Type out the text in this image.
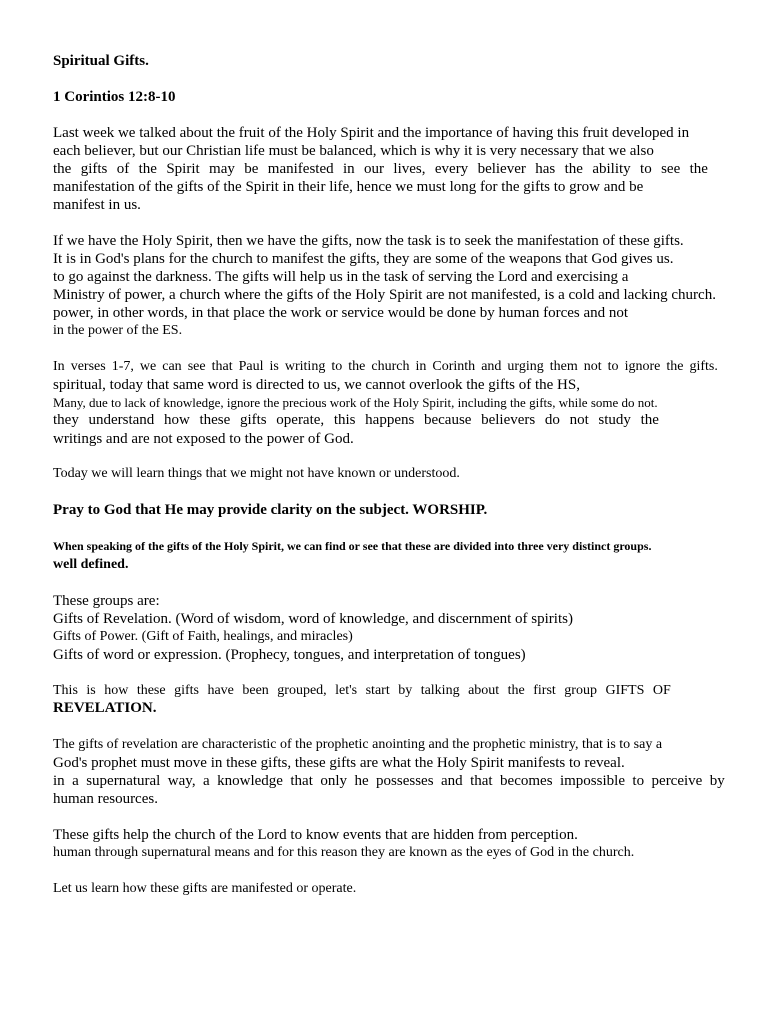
Spiritual Gifts.
1 Corintios 12:8-10
Last week we talked about the fruit of the Holy Spirit and the importance of having this fruit developed in
each believer, but our Christian life must be balanced, which is why it is very necessary that we also
the gifts of the Spirit may be manifested in our lives, every believer has the ability to see the
manifestation of the gifts of the Spirit in their life, hence we must long for the gifts to grow and be
manifest in us.
If we have the Holy Spirit, then we have the gifts, now the task is to seek the manifestation of these gifts.
It is in God's plans for the church to manifest the gifts, they are some of the weapons that God gives us.
to go against the darkness. The gifts will help us in the task of serving the Lord and exercising a
Ministry of power, a church where the gifts of the Holy Spirit are not manifested, is a cold and lacking church.
power, in other words, in that place the work or service would be done by human forces and not
in the power of the ES.
In verses 1-7, we can see that Paul is writing to the church in Corinth and urging them not to ignore the gifts.
spiritual, today that same word is directed to us, we cannot overlook the gifts of the HS,
Many, due to lack of knowledge, ignore the precious work of the Holy Spirit, including the gifts, while some do not.
they understand how these gifts operate, this happens because believers do not study the
writings and are not exposed to the power of God.
Today we will learn things that we might not have known or understood.
Pray to God that He may provide clarity on the subject. WORSHIP.
When speaking of the gifts of the Holy Spirit, we can find or see that these are divided into three very distinct groups.
well defined.
These groups are:
Gifts of Revelation. (Word of wisdom, word of knowledge, and discernment of spirits)
Gifts of Power. (Gift of Faith, healings, and miracles)
Gifts of word or expression. (Prophecy, tongues, and interpretation of tongues)
This is how these gifts have been grouped, let's start by talking about the first group GIFTS OF
REVELATION.
The gifts of revelation are characteristic of the prophetic anointing and the prophetic ministry, that is to say a
God's prophet must move in these gifts, these gifts are what the Holy Spirit manifests to reveal.
in a supernatural way, a knowledge that only he possesses and that becomes impossible to perceive by
human resources.
These gifts help the church of the Lord to know events that are hidden from perception.
human through supernatural means and for this reason they are known as the eyes of God in the church.
Let us learn how these gifts are manifested or operate.
